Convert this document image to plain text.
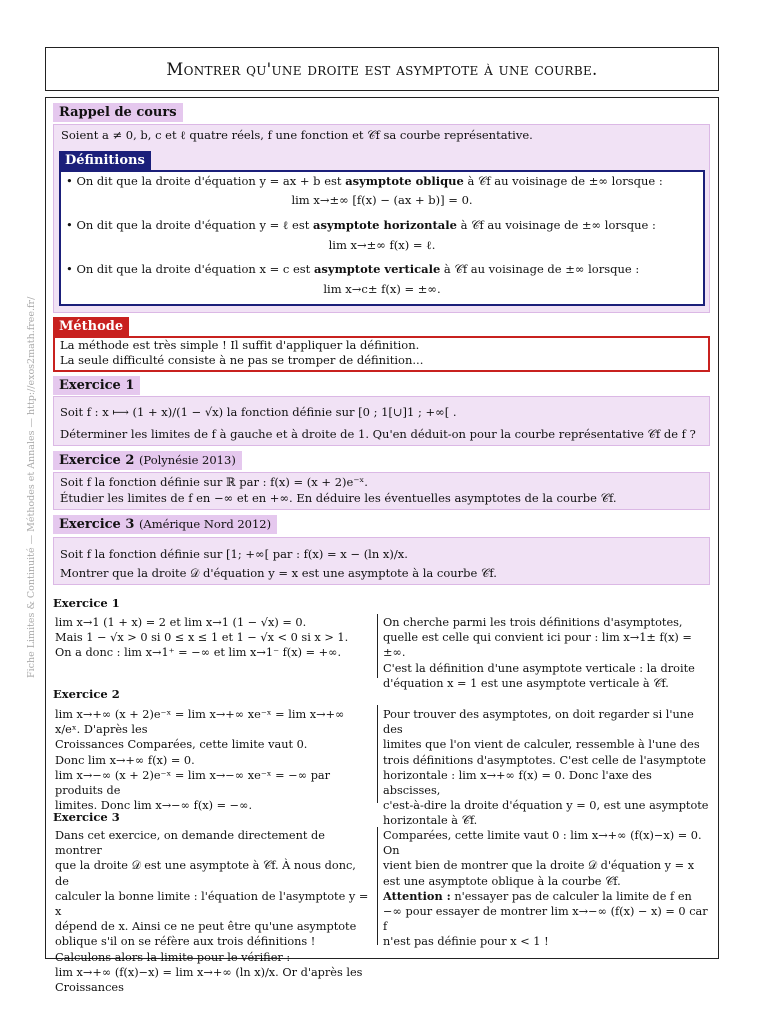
Montrer qu'une droite est asymptote à une courbe.
Fiche Limites & Continuité — Méthodes et Annales — http://exos2math.free.fr/
Rappel de cours
Soient a ≠ 0, b, c et ℓ quatre réels, f une fonction et 𝒞f sa courbe représentative.
Définitions
• On dit que la droite d'équation y = ax + b est asymptote oblique à 𝒞f au voisinage de ±∞ lorsque :
lim x→±∞ [f(x) − (ax + b)] = 0.
• On dit que la droite d'équation y = ℓ est asymptote horizontale à 𝒞f au voisinage de ±∞ lorsque :
lim x→±∞ f(x) = ℓ.
• On dit que la droite d'équation x = c est asymptote verticale à 𝒞f au voisinage de ±∞ lorsque :
lim x→c± f(x) = ±∞.
Méthode
La méthode est très simple ! Il suffit d'appliquer la définition.
La seule difficulté consiste à ne pas se tromper de définition...
Exercice 1
Soit f : x ⟼ (1 + x)/(1 − √x) la fonction définie sur [0 ; 1[∪]1 ; +∞[ .
Déterminer les limites de f à gauche et à droite de 1. Qu'en déduit-on pour la courbe représentative 𝒞f de f ?
Exercice 2 (Polynésie 2013)
Soit f la fonction définie sur ℝ par : f(x) = (x + 2)e⁻ˣ.
Étudier les limites de f en −∞ et en +∞. En déduire les éventuelles asymptotes de la courbe 𝒞f.
Exercice 3 (Amérique Nord 2012)
Soit f la fonction définie sur [1; +∞[ par : f(x) = x − (ln x)/x.
Montrer que la droite 𝒟 d'équation y = x est une asymptote à la courbe 𝒞f.
Exercice 1
lim x→1 (1 + x) = 2 et lim x→1 (1 − √x) = 0.
Mais 1 − √x > 0 si 0 ≤ x ≤ 1 et 1 − √x < 0 si x > 1.
On a donc : lim x→1⁺ = −∞ et lim x→1⁻ f(x) = +∞.
On cherche parmi les trois définitions d'asymptotes,
quelle est celle qui convient ici pour : lim x→1± f(x) = ±∞.
C'est la définition d'une asymptote verticale : la droite
d'équation x = 1 est une asymptote verticale à 𝒞f.
Exercice 2
lim x→+∞ (x + 2)e⁻ˣ = lim x→+∞ xe⁻ˣ = lim x→+∞ x/eˣ. D'après les
Croissances Comparées, cette limite vaut 0.
Donc lim x→+∞ f(x) = 0.
lim x→−∞ (x + 2)e⁻ˣ = lim x→−∞ xe⁻ˣ = −∞ par produits de
limites. Donc lim x→−∞ f(x) = −∞.
Pour trouver des asymptotes, on doit regarder si l'une des
limites que l'on vient de calculer, ressemble à l'une des
trois définitions d'asymptotes. C'est celle de l'asymptote
horizontale : lim x→+∞ f(x) = 0. Donc l'axe des abscisses,
c'est-à-dire la droite d'équation y = 0, est une asymptote
horizontale à 𝒞f.
Exercice 3
Dans cet exercice, on demande directement de montrer
que la droite 𝒟 est une asymptote à 𝒞f. À nous donc, de
calculer la bonne limite : l'équation de l'asymptote y = x
dépend de x. Ainsi ce ne peut être qu'une asymptote
oblique s'il on se réfère aux trois définitions !
Calculons alors la limite pour le vérifier :
lim x→+∞ (f(x)−x) = lim x→+∞ (ln x)/x. Or d'après les Croissances
Comparées, cette limite vaut 0 : lim x→+∞ (f(x)−x) = 0. On
vient bien de montrer que la droite 𝒟 d'équation y = x
est une asymptote oblique à la courbe 𝒞f.
Attention : n'essayer pas de calculer la limite de f en
−∞ pour essayer de montrer lim x→−∞ (f(x) − x) = 0 car f
n'est pas définie pour x < 1 !
